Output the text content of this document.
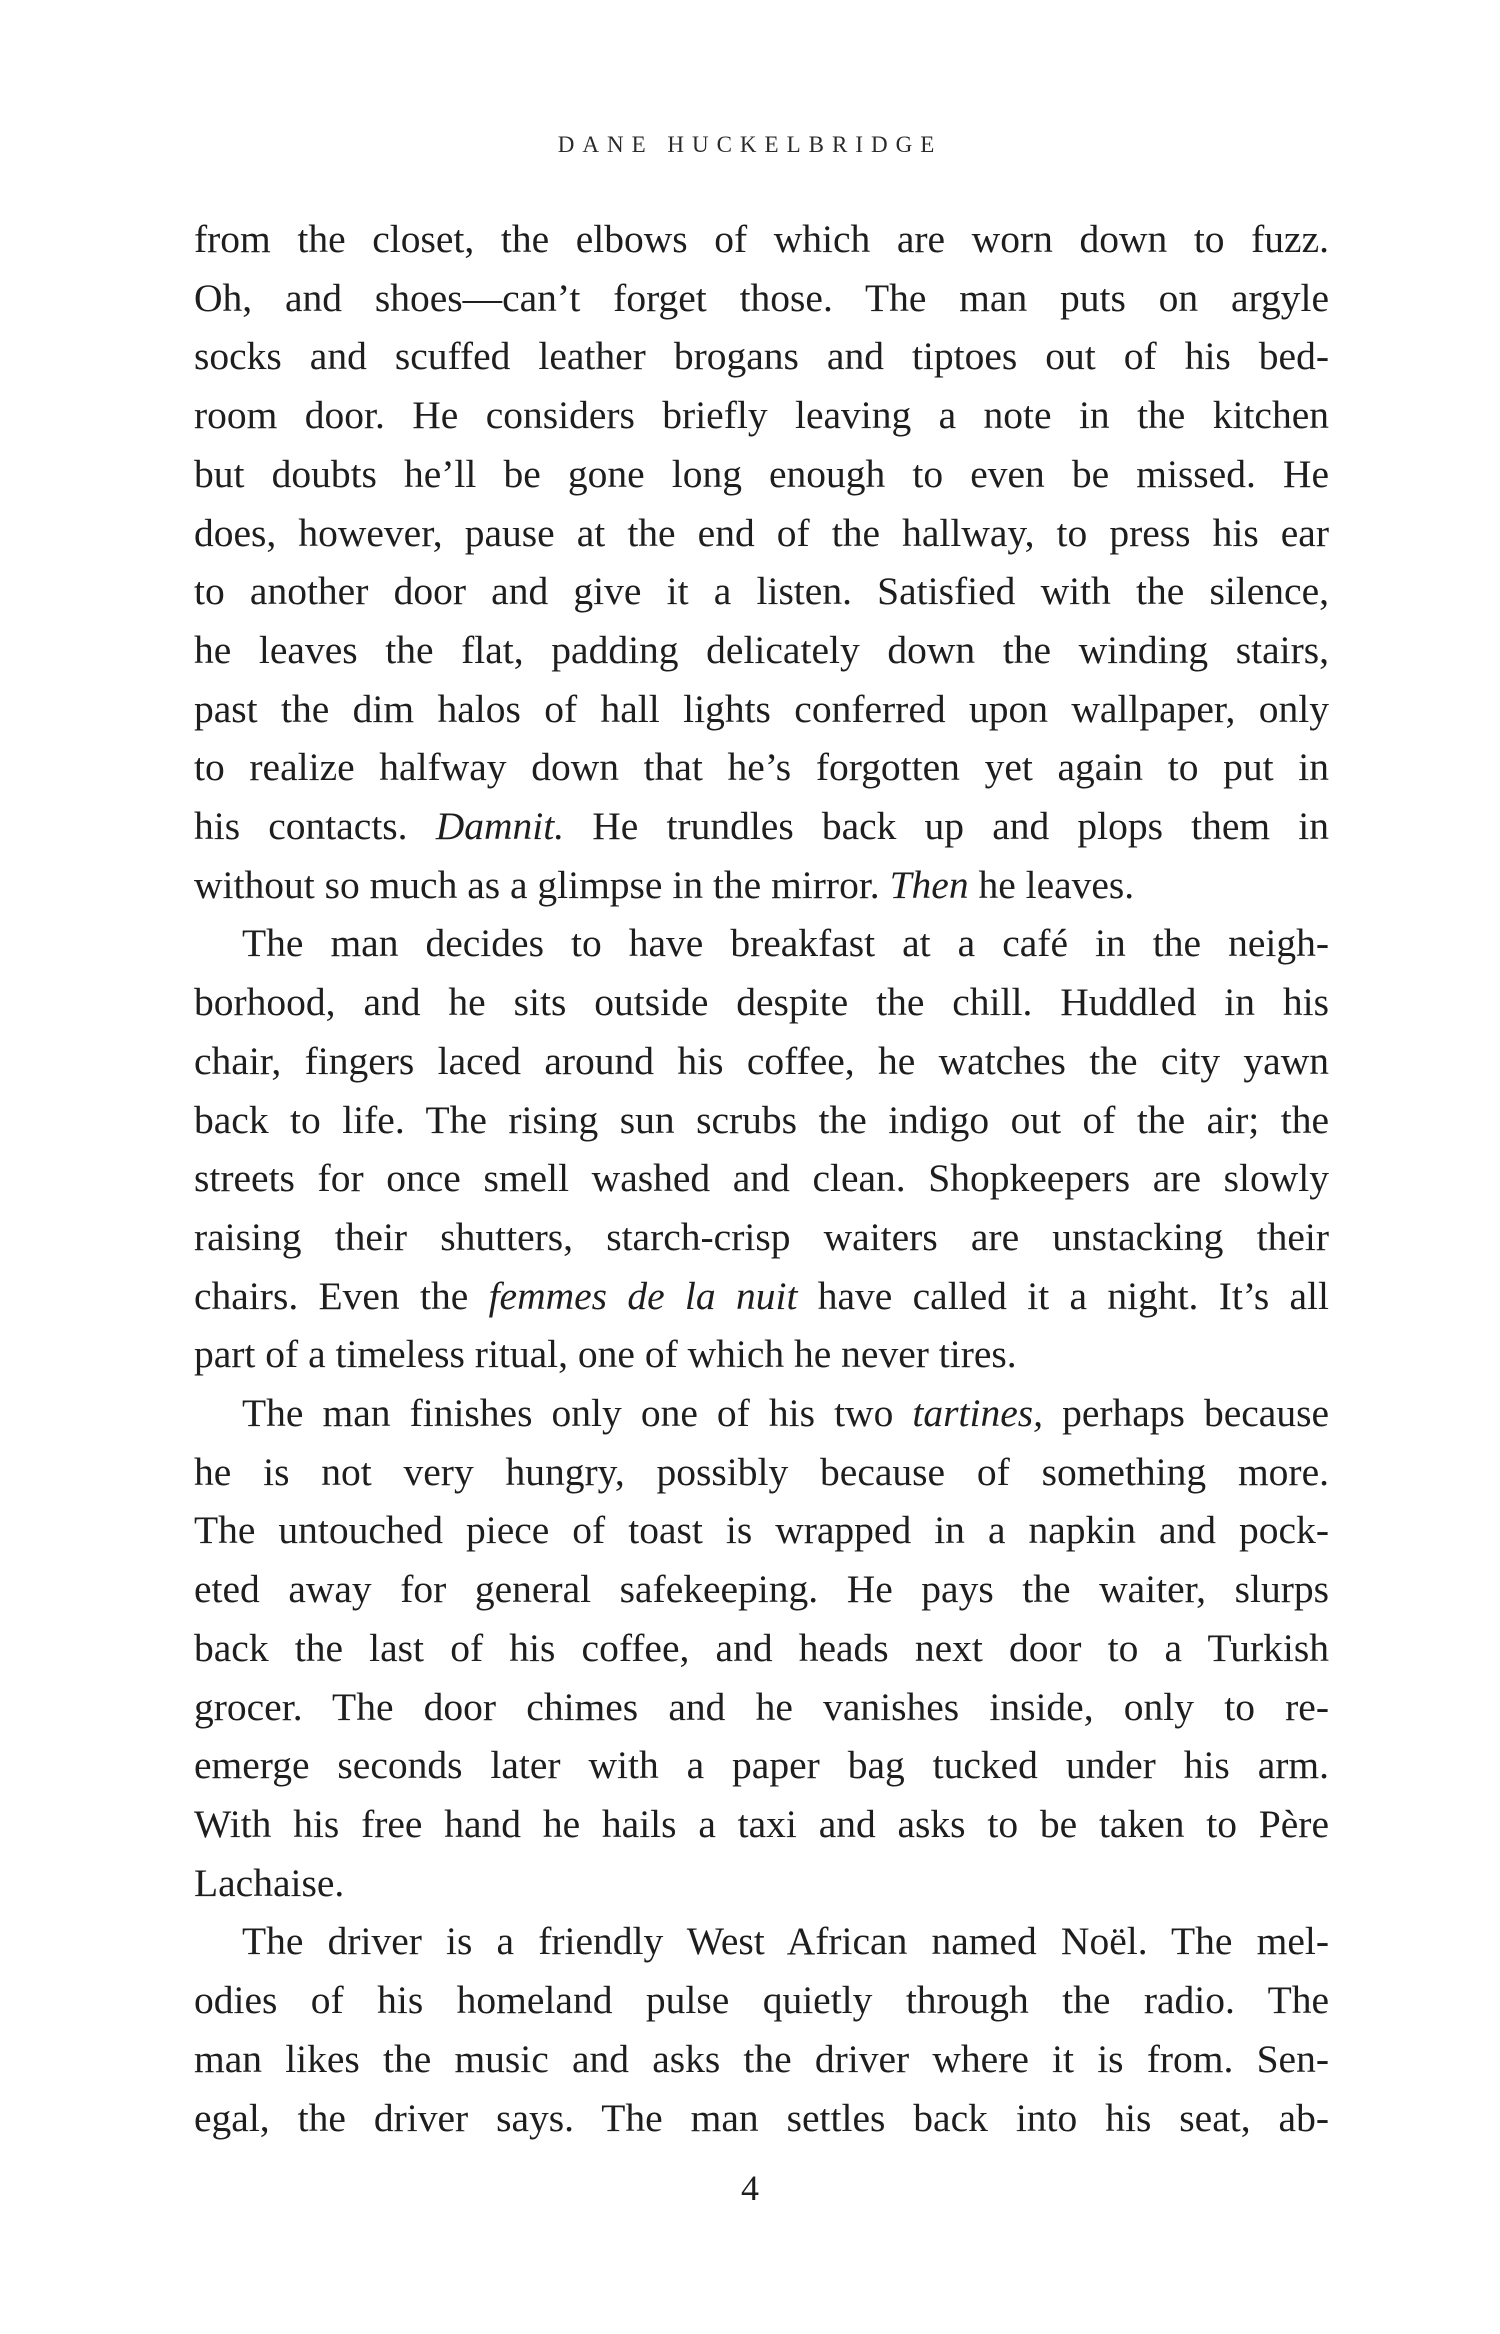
DANE HUCKELBRIDGE
from the closet, the elbows of which are worn down to fuzz.
Oh, and shoes—can’t forget those. The man puts on argyle
socks and scuffed leather brogans and tiptoes out of his bed-
room door. He considers briefly leaving a note in the kitchen
but doubts he’ll be gone long enough to even be missed. He
does, however, pause at the end of the hallway, to press his ear
to another door and give it a listen. Satisfied with the silence,
he leaves the flat, padding delicately down the winding stairs,
past the dim halos of hall lights conferred upon wallpaper, only
to realize halfway down that he’s forgotten yet again to put in
his contacts. Damnit. He trundles back up and plops them in
without so much as a glimpse in the mirror. Then he leaves.
The man decides to have breakfast at a café in the neigh-
borhood, and he sits outside despite the chill. Huddled in his
chair, fingers laced around his coffee, he watches the city yawn
back to life. The rising sun scrubs the indigo out of the air; the
streets for once smell washed and clean. Shopkeepers are slowly
raising their shutters, starch-crisp waiters are unstacking their
chairs. Even the femmes de la nuit have called it a night. It’s all
part of a timeless ritual, one of which he never tires.
The man finishes only one of his two tartines, perhaps because
he is not very hungry, possibly because of something more.
The untouched piece of toast is wrapped in a napkin and pock-
eted away for general safekeeping. He pays the waiter, slurps
back the last of his coffee, and heads next door to a Turkish
grocer. The door chimes and he vanishes inside, only to re-
emerge seconds later with a paper bag tucked under his arm.
With his free hand he hails a taxi and asks to be taken to Père
Lachaise.
The driver is a friendly West African named Noël. The mel-
odies of his homeland pulse quietly through the radio. The
man likes the music and asks the driver where it is from. Sen-
egal, the driver says. The man settles back into his seat, ab-
4
